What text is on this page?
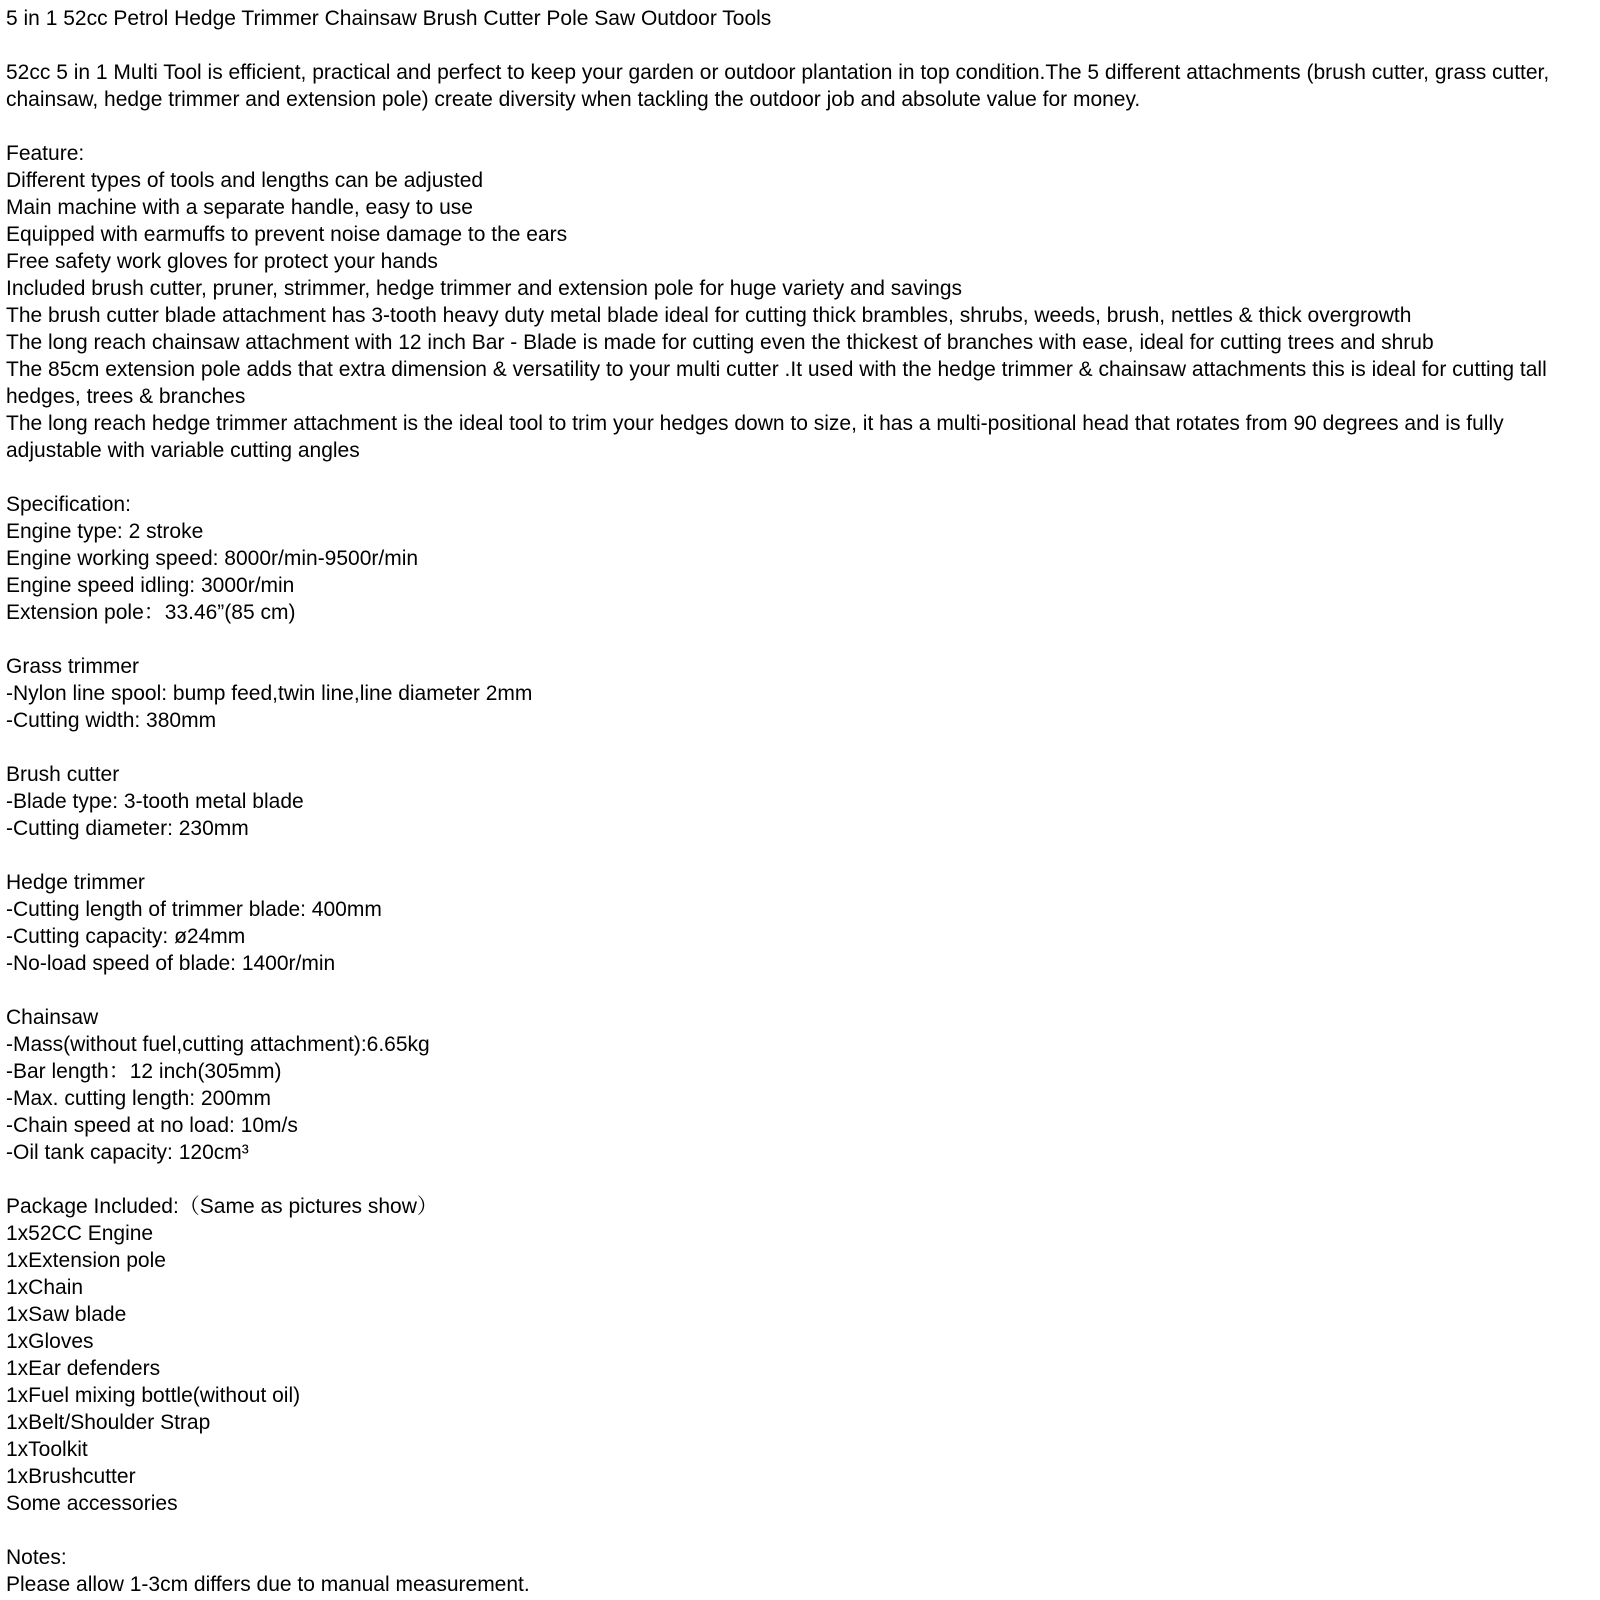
5 in 1 52cc Petrol Hedge Trimmer Chainsaw Brush Cutter Pole Saw Outdoor Tools
52cc 5 in 1 Multi Tool is efficient, practical and perfect to keep your garden or outdoor plantation in top condition.The 5 different attachments (brush cutter, grass cutter, chainsaw, hedge trimmer and extension pole) create diversity when tackling the outdoor job and absolute value for money.
Feature:
Different types of tools and lengths can be adjusted
Main machine with a separate handle, easy to use
Equipped with earmuffs to prevent noise damage to the ears
Free safety work gloves for protect your hands
Included brush cutter, pruner, strimmer, hedge trimmer and extension pole for huge variety and savings
The brush cutter blade attachment has 3-tooth heavy duty metal blade ideal for cutting thick brambles, shrubs, weeds, brush, nettles & thick overgrowth
The long reach chainsaw attachment with 12 inch Bar - Blade is made for cutting even the thickest of branches with ease, ideal for cutting trees and shrub
The 85cm extension pole adds that extra dimension & versatility to your multi cutter .It used with the hedge trimmer & chainsaw attachments this is ideal for cutting tall hedges, trees & branches
The long reach hedge trimmer attachment is the ideal tool to trim your hedges down to size, it has a multi-positional head that rotates from 90 degrees and is fully adjustable with variable cutting angles
Specification:
Engine type: 2 stroke
Engine working speed: 8000r/min-9500r/min
Engine speed idling: 3000r/min
Extension pole：33.46”(85 cm)
Grass trimmer
-Nylon line spool: bump feed,twin line,line diameter 2mm
-Cutting width: 380mm
Brush cutter
-Blade type: 3-tooth metal blade
-Cutting diameter: 230mm
Hedge trimmer
-Cutting length of trimmer blade: 400mm
-Cutting capacity: ø24mm
-No-load speed of blade: 1400r/min
Chainsaw
-Mass(without fuel,cutting attachment):6.65kg
-Bar length：12 inch(305mm)
-Max. cutting length: 200mm
-Chain speed at no load: 10m/s
-Oil tank capacity: 120cm³
Package Included:（Same as pictures show）
1x52CC Engine
1xExtension pole
1xChain
1xSaw blade
1xGloves
1xEar defenders
1xFuel mixing bottle(without oil)
1xBelt/Shoulder Strap
1xToolkit
1xBrushcutter
Some accessories
Notes:
Please allow 1-3cm differs due to manual measurement.
